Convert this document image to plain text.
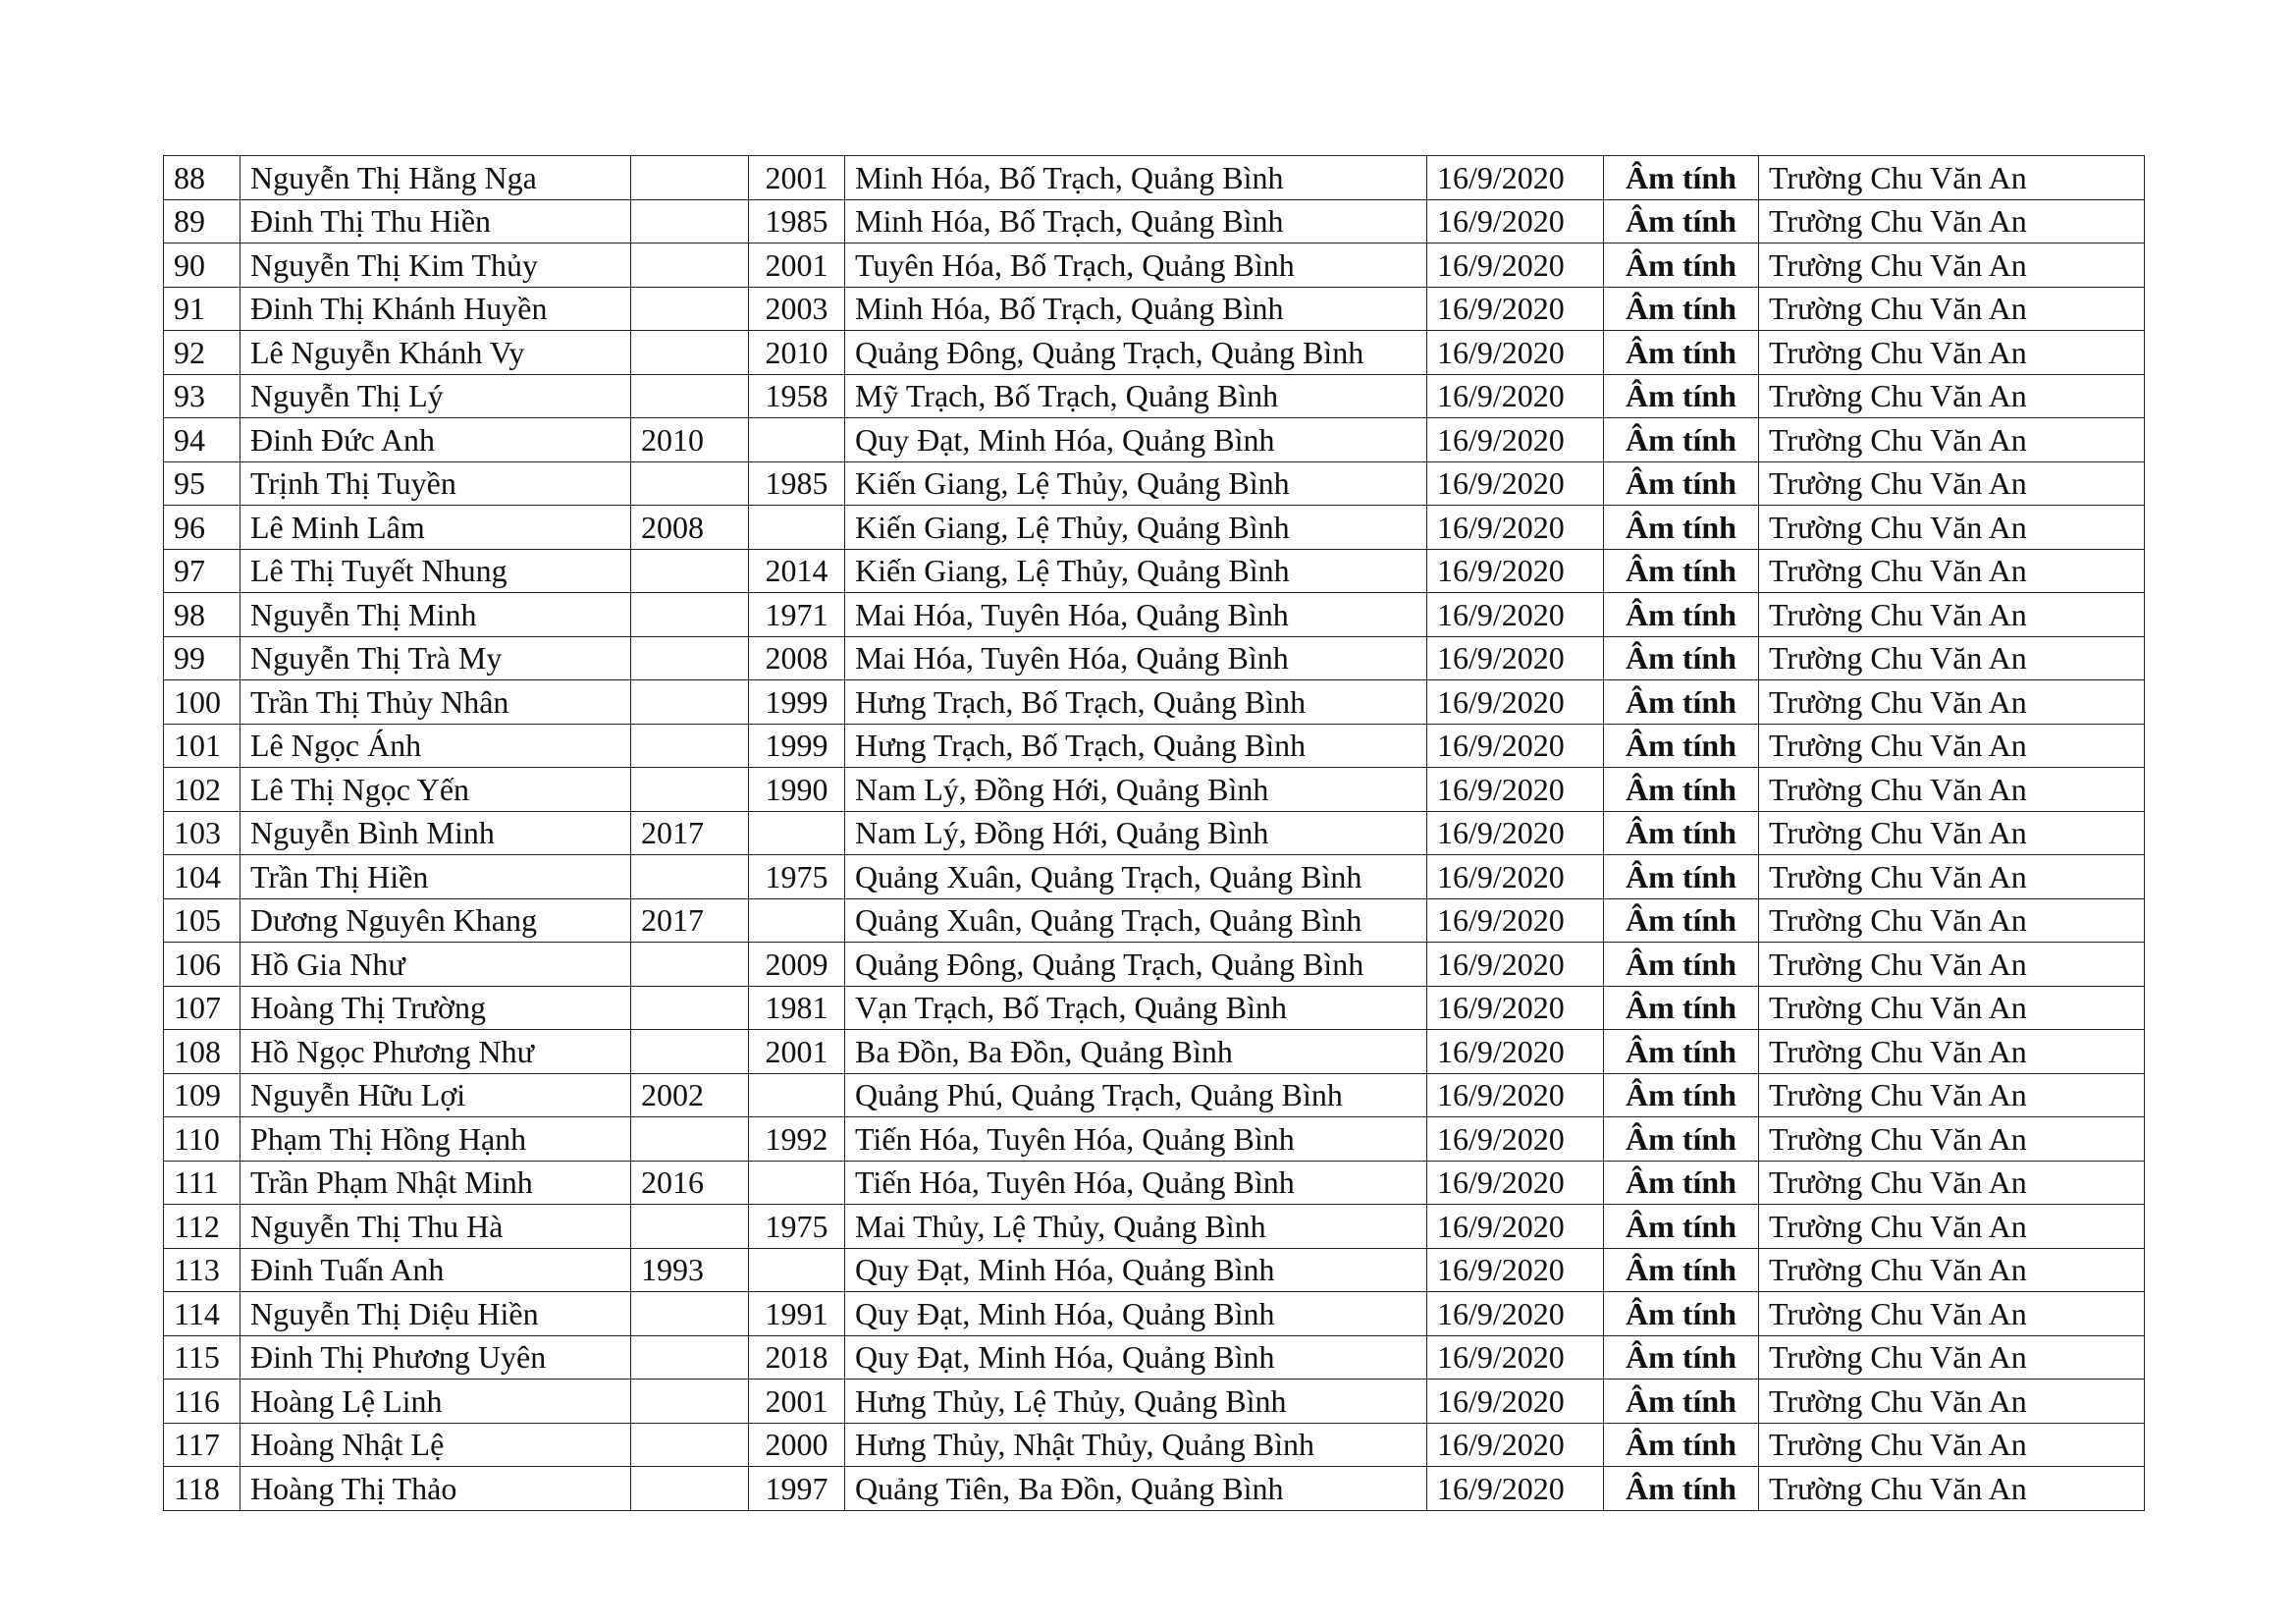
88	Nguyễn Thị Hằng Nga		2001	Minh Hóa, Bố Trạch, Quảng Bình	16/9/2020	Âm tính	Trường Chu Văn An
89	Đinh Thị Thu Hiền		1985	Minh Hóa, Bố Trạch, Quảng Bình	16/9/2020	Âm tính	Trường Chu Văn An
90	Nguyễn Thị Kim Thủy		2001	Tuyên Hóa, Bố Trạch, Quảng Bình	16/9/2020	Âm tính	Trường Chu Văn An
91	Đinh Thị Khánh Huyền		2003	Minh Hóa, Bố Trạch, Quảng Bình	16/9/2020	Âm tính	Trường Chu Văn An
92	Lê Nguyễn Khánh Vy		2010	Quảng Đông, Quảng Trạch, Quảng Bình	16/9/2020	Âm tính	Trường Chu Văn An
93	Nguyễn Thị Lý		1958	Mỹ Trạch, Bố Trạch, Quảng Bình	16/9/2020	Âm tính	Trường Chu Văn An
94	Đinh Đức Anh	2010		Quy Đạt, Minh Hóa, Quảng Bình	16/9/2020	Âm tính	Trường Chu Văn An
95	Trịnh Thị Tuyền		1985	Kiến Giang, Lệ Thủy, Quảng Bình	16/9/2020	Âm tính	Trường Chu Văn An
96	Lê Minh Lâm	2008		Kiến Giang, Lệ Thủy, Quảng Bình	16/9/2020	Âm tính	Trường Chu Văn An
97	Lê Thị Tuyết Nhung		2014	Kiến Giang, Lệ Thủy, Quảng Bình	16/9/2020	Âm tính	Trường Chu Văn An
98	Nguyễn Thị Minh		1971	Mai Hóa, Tuyên Hóa, Quảng Bình	16/9/2020	Âm tính	Trường Chu Văn An
99	Nguyễn Thị Trà My		2008	Mai Hóa, Tuyên Hóa, Quảng Bình	16/9/2020	Âm tính	Trường Chu Văn An
100	Trần Thị Thủy Nhân		1999	Hưng Trạch, Bố Trạch, Quảng Bình	16/9/2020	Âm tính	Trường Chu Văn An
101	Lê Ngọc Ánh		1999	Hưng Trạch, Bố Trạch, Quảng Bình	16/9/2020	Âm tính	Trường Chu Văn An
102	Lê Thị Ngọc Yến		1990	Nam Lý, Đồng Hới, Quảng Bình	16/9/2020	Âm tính	Trường Chu Văn An
103	Nguyễn Bình Minh	2017		Nam Lý, Đồng Hới, Quảng Bình	16/9/2020	Âm tính	Trường Chu Văn An
104	Trần Thị Hiền		1975	Quảng Xuân, Quảng Trạch, Quảng Bình	16/9/2020	Âm tính	Trường Chu Văn An
105	Dương Nguyên Khang	2017		Quảng Xuân, Quảng Trạch, Quảng Bình	16/9/2020	Âm tính	Trường Chu Văn An
106	Hồ Gia Như		2009	Quảng Đông, Quảng Trạch, Quảng Bình	16/9/2020	Âm tính	Trường Chu Văn An
107	Hoàng Thị Trường		1981	Vạn Trạch, Bố Trạch, Quảng Bình	16/9/2020	Âm tính	Trường Chu Văn An
108	Hồ Ngọc Phương Như		2001	Ba Đồn, Ba Đồn, Quảng Bình	16/9/2020	Âm tính	Trường Chu Văn An
109	Nguyễn Hữu Lợi	2002		Quảng Phú, Quảng Trạch, Quảng Bình	16/9/2020	Âm tính	Trường Chu Văn An
110	Phạm Thị Hồng Hạnh		1992	Tiến Hóa, Tuyên Hóa, Quảng Bình	16/9/2020	Âm tính	Trường Chu Văn An
111	Trần Phạm Nhật Minh	2016		Tiến Hóa, Tuyên Hóa, Quảng Bình	16/9/2020	Âm tính	Trường Chu Văn An
112	Nguyễn Thị Thu Hà		1975	Mai Thủy, Lệ Thủy, Quảng Bình	16/9/2020	Âm tính	Trường Chu Văn An
113	Đinh Tuấn Anh	1993		Quy Đạt, Minh Hóa, Quảng Bình	16/9/2020	Âm tính	Trường Chu Văn An
114	Nguyễn Thị Diệu Hiền		1991	Quy Đạt, Minh Hóa, Quảng Bình	16/9/2020	Âm tính	Trường Chu Văn An
115	Đinh Thị Phương Uyên		2018	Quy Đạt, Minh Hóa, Quảng Bình	16/9/2020	Âm tính	Trường Chu Văn An
116	Hoàng Lệ Linh		2001	Hưng Thủy, Lệ Thủy, Quảng Bình	16/9/2020	Âm tính	Trường Chu Văn An
117	Hoàng Nhật Lệ		2000	Hưng Thủy, Nhật Thủy, Quảng Bình	16/9/2020	Âm tính	Trường Chu Văn An
118	Hoàng Thị Thảo		1997	Quảng Tiên, Ba Đồn, Quảng Bình	16/9/2020	Âm tính	Trường Chu Văn An
